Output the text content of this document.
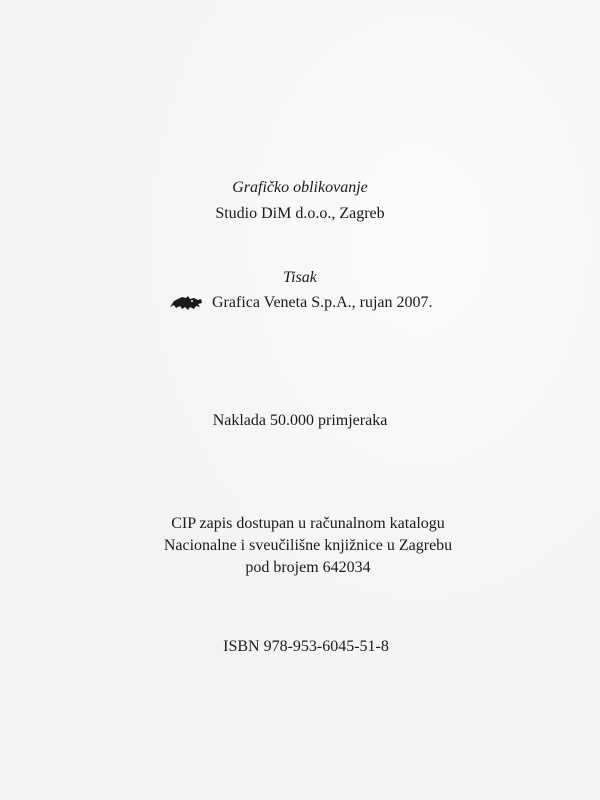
Grafičko oblikovanje
Studio DiM d.o.o., Zagreb
Tisak
Grafica Veneta S.p.A., rujan 2007.
Naklada 50.000 primjeraka
CIP zapis dostupan u računalnom katalogu
Nacionalne i sveučilišne knjižnice u Zagrebu
pod brojem 642034
ISBN 978-953-6045-51-8
